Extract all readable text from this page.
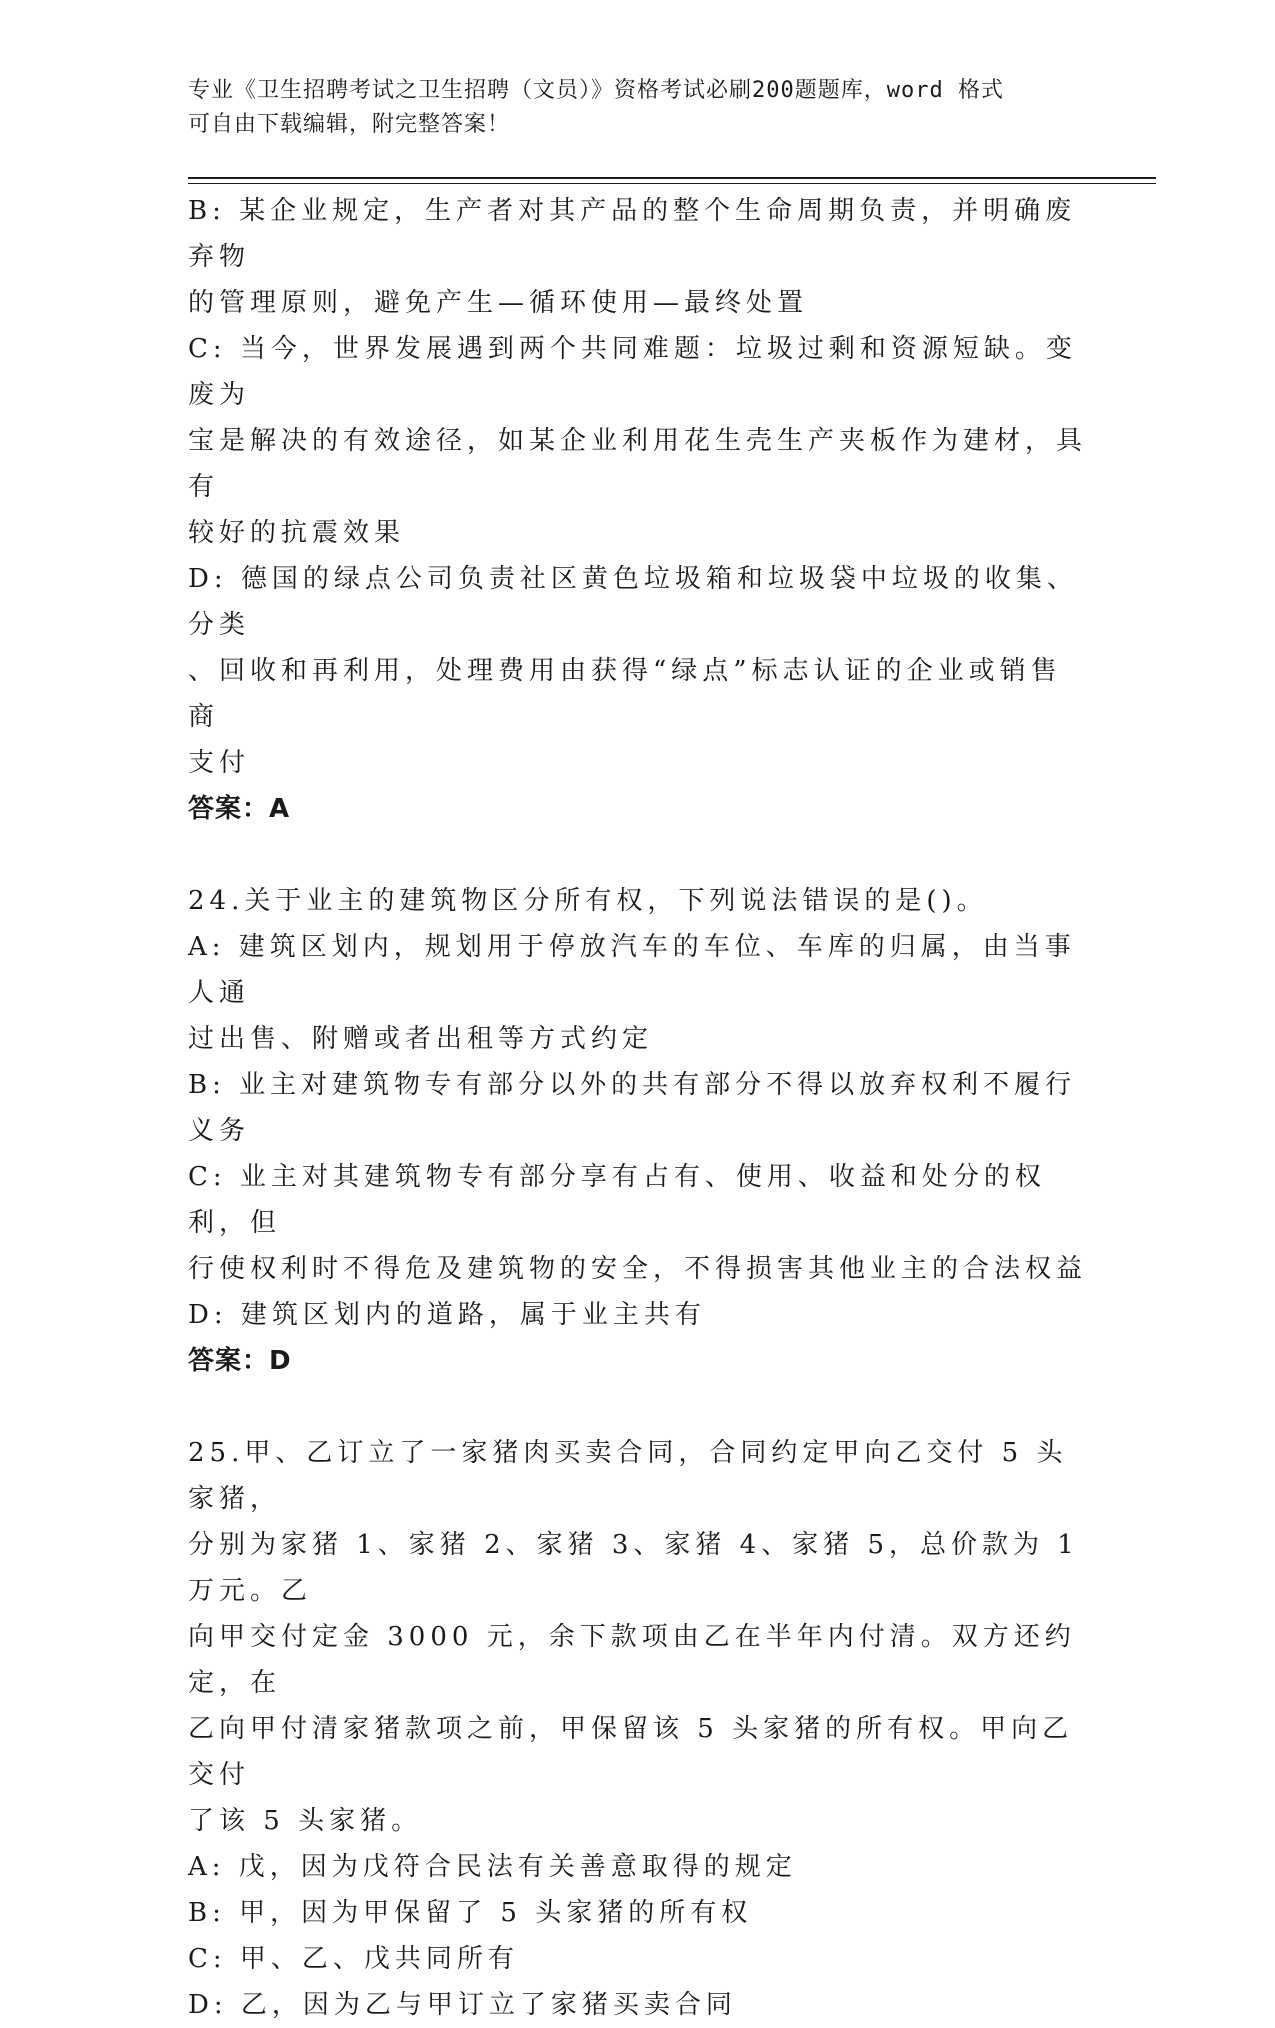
专业《卫生招聘考试之卫生招聘（文员）》资格考试必刷200题题库，word 格式
可自由下载编辑，附完整答案！
B: 某企业规定，生产者对其产品的整个生命周期负责，并明确废弃物
的管理原则，避免产生—循环使用—最终处置
C: 当今，世界发展遇到两个共同难题：垃圾过剩和资源短缺。变废为
宝是解决的有效途径，如某企业利用花生壳生产夹板作为建材，具有
较好的抗震效果
D: 德国的绿点公司负责社区黄色垃圾箱和垃圾袋中垃圾的收集、分类
、回收和再利用，处理费用由获得“绿点”标志认证的企业或销售商
支付
答案：A
24.关于业主的建筑物区分所有权，下列说法错误的是()。
A: 建筑区划内，规划用于停放汽车的车位、车库的归属，由当事人通
过出售、附赠或者出租等方式约定
B: 业主对建筑物专有部分以外的共有部分不得以放弃权利不履行义务
C: 业主对其建筑物专有部分享有占有、使用、收益和处分的权利，但
行使权利时不得危及建筑物的安全，不得损害其他业主的合法权益
D: 建筑区划内的道路，属于业主共有
答案：D
25.甲、乙订立了一家猪肉买卖合同，合同约定甲向乙交付 5 头家猪，
分别为家猪 1、家猪 2、家猪 3、家猪 4、家猪 5，总价款为 1 万元。乙
向甲交付定金 3000 元，余下款项由乙在半年内付清。双方还约定，在
乙向甲付清家猪款项之前，甲保留该 5 头家猪的所有权。甲向乙交付
了该 5 头家猪。
A: 戊，因为戊符合民法有关善意取得的规定
B: 甲，因为甲保留了 5 头家猪的所有权
C: 甲、乙、戊共同所有
D: 乙，因为乙与甲订立了家猪买卖合同
